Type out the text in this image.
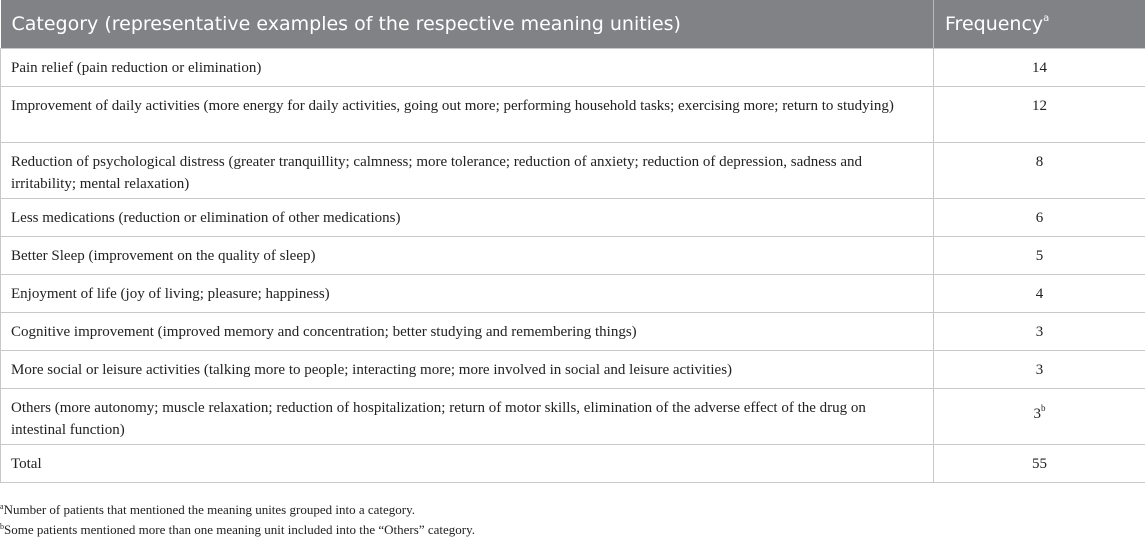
Category (representative examples of the respective meaning unities)	Frequency$^a$
Pain relief (pain reduction or elimination)	14
Improvement of daily activities (more energy for daily activities, going out more; performing household tasks; exercising more; return to studying)	12
Reduction of psychological distress (greater tranquillity; calmness; more tolerance; reduction of anxiety; reduction of depression, sadness and irritability; mental relaxation)	8
Less medications (reduction or elimination of other medications)	6
Better Sleep (improvement on the quality of sleep)	5
Enjoyment of life (joy of living; pleasure; happiness)	4
Cognitive improvement (improved memory and concentration; better studying and remembering things)	3
More social or leisure activities (talking more to people; interacting more; more involved in social and leisure activities)	3
Others (more autonomy; muscle relaxation; reduction of hospitalization; return of motor skills, elimination of the adverse effect of the drug on intestinal function)	3$^b$
Total	55
$^a$Number of patients that mentioned the meaning unites grouped into a category.
$^b$Some patients mentioned more than one meaning unit included into the “Others” category.
